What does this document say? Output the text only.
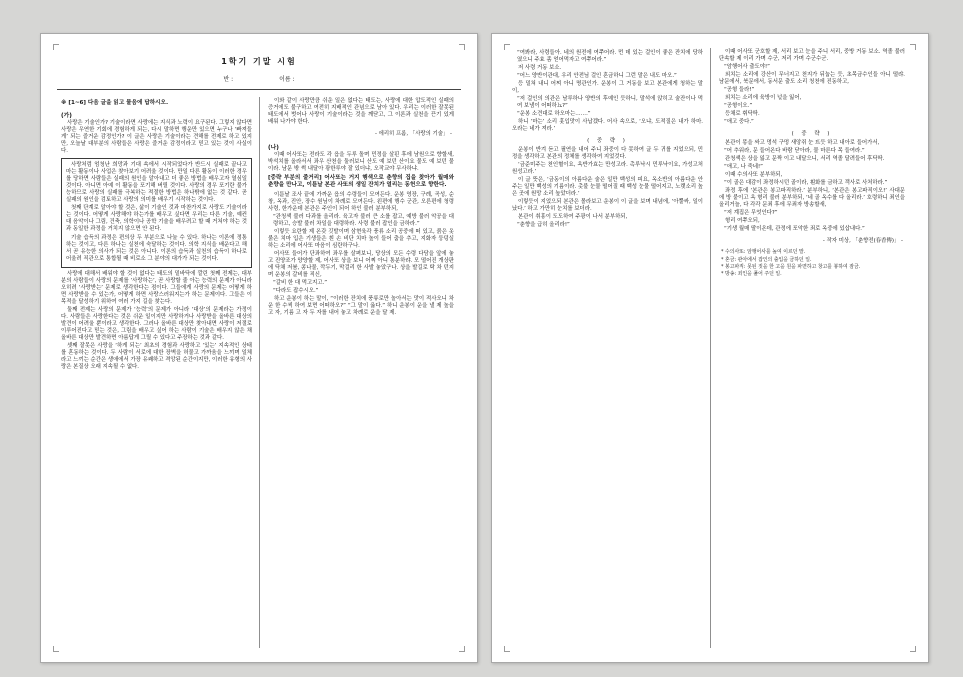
1학기 기말 시험
반 :	이름 :
※ [1~6] 다음 글을 읽고 물음에 답하시오.
(가)
사랑은 기술인가? 기술이라면 사랑에는 지식과 노력이 요구된다. 그렇지 않다면 사랑은 우연한 기회에 경험하게 되는, 다시 말하면 행운만 있으면 누구나 ‘빠져들게’ 되는 즐거운 감정인가? 이 글은 사랑은 기술이라는 견해를 전제로 하고 있지만, 오늘날 대부분의 사람들은 사랑은 즐거운 감정이라고 믿고 있는 것이 사실이다.
사랑처럼 엄청난 희망과 기대 속에서 시작되었다가 반드시 실패로 끝나고 마는 활동이나 사업은 찾아보기 어려울 것이다. 만일 다른 활동이 이러한 경우를 당하면 사람들은 실패의 원인을 알아내고 더 좋은 방법을 배우고자 열심일 것이다. 아니면 아예 이 활동을 포기해 버릴 것이다. 사랑의 경우 포기란 불가능하므로 사랑의 실패를 극복하는 적절한 방법은 하나밖에 없는 것 같다. 곧 실패의 원인을 검토하고 사랑의 의미를 배우기 시작하는 것이다.
첫째 단계로 알아야 할 것은, 삶이 기술인 것과 마찬가지로 사랑도 기술이라는 것이다. 어떻게 사랑해야 하는가를 배우고 싶다면 우리는 다른 기술, 예컨대 음악이나 그림, 건축, 의학이나 공학 기술을 배우려고 할 때 거쳐야 하는 것과 동일한 과정을 거치지 않으면 안 된다.
기술 습득의 과정은 편의상 두 부분으로 나눌 수 있다. 하나는 이론에 정통하는 것이고, 다른 하나는 실천에 숙달하는 것이다. 의학 지식을 배운다고 해서 곧 유능한 의사가 되는 것은 아니다. 이론의 습득과 실천의 습득이 하나로 어울려 직관으로 통합될 때 비로소 그 분야의 대가가 되는 것이다.
사랑에 대해서 배워야 할 것이 없다는 태도의 밑바닥에 깔린 첫째 전제는, 대부분의 사람들이 사랑의 문제를 ‘사랑하는’, 곧 사랑할 줄 아는 능력의 문제가 아니라 오히려 ‘사랑받는’ 문제로 생각한다는 점이다. 그들에게 사랑의 문제는 어떻게 하면 사랑받을 수 있는가, 어떻게 하면 사랑스러워지는가 하는 문제이다. 그들은 이 목적을 달성하기 위하여 여러 가지 길을 찾는다.
둘째 전제는 사랑의 문제가 ‘능력’의 문제가 아니라 ‘대상’의 문제라는 가정이다. 사람들은 사랑한다는 것은 쉬운 일이지만 사랑하거나 사랑받을 올바른 대상의 발견이 어려울 뿐이라고 생각한다. 그러나 올바른 대상만 찾아내면 사랑이 저절로 이루어진다고 믿는 것은, 그림을 배우고 싶어 하는 사람이 기술은 배우지 않은 채 올바른 대상만 발견하면 아름답게 그릴 수 있다고 주장하는 것과 같다.
셋째 잘못은 사랑을 ‘하게 되는’ 최초의 경험과 사랑하고 ‘있는’ 지속적인 상태를 혼동하는 것이다. 두 사람이 서로에 대한 장벽을 허물고 가까움을 느끼며 일체라고 느끼는 순간은 생애에서 가장 유쾌하고 격앙된 순간이지만, 이러한 유형의 사랑은 본질상 오래 지속될 수 없다.
이와 같이 사랑만큼 쉬운 일은 없다는 태도는, 사랑에 대한 압도적인 실패의 증거에도 불구하고 여전히 지배적인 관념으로 남아 있다. 우리는 이러한 잘못된 태도에서 벗어나 사랑이 기술이라는 것을 깨닫고, 그 이론과 실천을 끈기 있게 배워 나가야 한다.
- 에리히 프롬, 「사랑의 기술」 -
(나)
이때 어사또는 전라도 각 읍을 두루 돌며 민정을 살핀 후에 남원으로 향할새, 박석치를 올라서서 좌우 산천을 둘러보니 산도 예 보던 산이요 물도 예 보던 물이라. 남문 밖 썩 내달아 광한루야 잘 있더냐, 오작교야 무사하냐.
[중략 부분의 줄거리] 어사또는 거지 행색으로 춘향의 집을 찾아가 월매와 춘향을 만나고, 이튿날 본관 사또의 생일 잔치가 열리는 동헌으로 향한다.
이튿날 조사 끝에 가까운 읍의 수령들이 모여든다. 운봉 영장, 구례, 곡성, 순창, 옥과, 진안, 장수 원님이 차례로 모여든다. 왼편에 행수 군관, 오른편에 청령 사령, 한가운데 본관은 주인이 되어 하인 불러 분부하되,
“관청색 불러 다과를 올리라. 육고자 불러 큰 소를 잡고, 예방 불러 악공을 대령하고, 승발 불러 차일을 대령하라. 사령 불러 잡인을 금하라.”
이렇듯 요란할 제 온갖 깃발이며 삼현육각 풍류 소리 공중에 떠 있고, 붉은 옷 붉은 치마 입은 기생들은 흰 손 비단 치마 높이 들어 춤을 추고, 지화자 둥덩실 하는 소리에 어사또 마음이 심란하구나.
어사또 들어가 단좌하여 좌우를 살펴보니, 당상의 모든 수령 다담을 앞에 놓고 진양조가 양양할 제, 어사또 상을 보니 어찌 아니 통분하랴. 모 떨어진 개상판에 닥채 저붐, 콩나물, 깍두기, 막걸리 한 사발 놓았구나. 상을 발길로 탁 차 던지며 운봉의 갈비를 직신,
“갈비 한 대 먹고지고.”
“다라도 잡수시오.”
하고 운봉이 하는 말이, “이러한 잔치에 풍류로만 놀아서는 맛이 적사오니 차운 한 수씩 하여 보면 어떠하오?” “그 말이 옳다.” 하니 운봉이 운을 낼 제 높을 고 자, 기름 고 자 두 자를 내어 놓고 차례로 운을 달 제.
“여봐라, 사령들아. 네의 원전에 여쭈어라. 먼 데 있는 걸인이 좋은 잔치에 당하였으니 주효 좀 얻어먹자고 여쭈어라.”
저 사령 거동 보소.
“어느 양반이관대, 우리 안전님 걸인 혼금하니 그런 말은 내도 마오.”
등 밀쳐 내니 어찌 아니 명관인가. 운봉이 그 거동을 보고 본관에게 청하는 말이,
“저 걸인의 의관은 남루하나 양반의 후예인 듯하니, 말석에 앉히고 술잔이나 먹여 보냄이 어떠하뇨?”
“운봉 소견대로 하오마는…….”
하니 ‘마는’ 소리 훗입맛이 사납겠다. 어사 속으로, ‘오냐, 도적질은 내가 하마. 오라는 네가 져라.’
( 중 략 )
운봉이 반겨 듣고 필연을 내어 주니 좌중이 다 못하여 글 두 귀를 지었으되, 민정을 생각하고 본관의 정체를 생각하여 지었것다.
‘금준미주는 천인혈이요, 옥반가효는 만성고라. 촉루낙시 민루낙이요, 가성고처 원성고라.’
이 글 뜻은, ‘금동이의 아름다운 술은 일만 백성의 피요, 옥소반의 아름다운 안주는 일만 백성의 기름이라. 촛불 눈물 떨어질 때 백성 눈물 떨어지고, 노랫소리 높은 곳에 원망 소리 높았더라.’
이렇듯이 지었으되 본관은 몰라보고 운봉이 이 글을 보며 내념에, ‘아뿔싸, 일이 났다.’ 하고 가만히 눈치를 보더라.
본관이 취흥이 도도하여 주광이 나서 분부하되,
“춘향을 급히 올리라!”
이때 어사또 군호할 제, 서리 보고 눈을 주니 서리, 중방 거동 보소. 역졸 불러 단속할 제 이리 가며 수군, 저리 가며 수군수군.
“암행어사 출도야!”
외치는 소리에 강산이 무너지고 천지가 뒤눕는 듯, 초목금수인들 아니 떨랴. 남문에서, 북문에서, 동서문 출도 소리 청천에 진동하고,
“공형 들라!”
외치는 소리에 육방이 넋을 잃어,
“공형이오.”
등채로 휘닥딱.
“애고 중다.”
( 중 략 )
본관이 똥을 싸고 멍석 구멍 새앙쥐 눈 뜨듯 하고 내아로 들어가서,
“어 추워라, 문 들어온다 바람 닫아라, 물 마른다 목 들여라.”
관청색은 상을 잃고 문짝 이고 내달으니, 서리 역졸 달려들어 후닥딱.
“애고, 나 죽네!”
이때 수의사또 분부하되,
“이 골은 대감이 좌정하시던 골이라, 훤화를 금하고 객사로 사처하라.”
좌정 후에 ‘본관은 봉고파직하라.’ 분부하니, ‘본관은 봉고파직이오!’ 사대문에 방 붙이고 옥 형리 불러 분부하되, ‘네 골 옥수를 다 올리라.’ 호령하니 죄인을 올리거늘, 다 각각 문죄 후에 무죄자 방송할새,
“저 계집은 무엇인다?”
형리 여쭈오되,
“기생 월매 딸이온데, 관정에 포악한 죄로 옥중에 있삽내다.”
- 작자 미상, 「춘향전(春香傳)」 -
* 수의사또: 암행어사를 높여 이르던 말.
* 혼금: 관아에서 잡인의 출입을 금하던 일.
* 봉고파직: 못된 짓을 한 고을 원을 파면하고 창고를 봉하여 잠금.
* 방송: 죄인을 풀어 주던 일.
